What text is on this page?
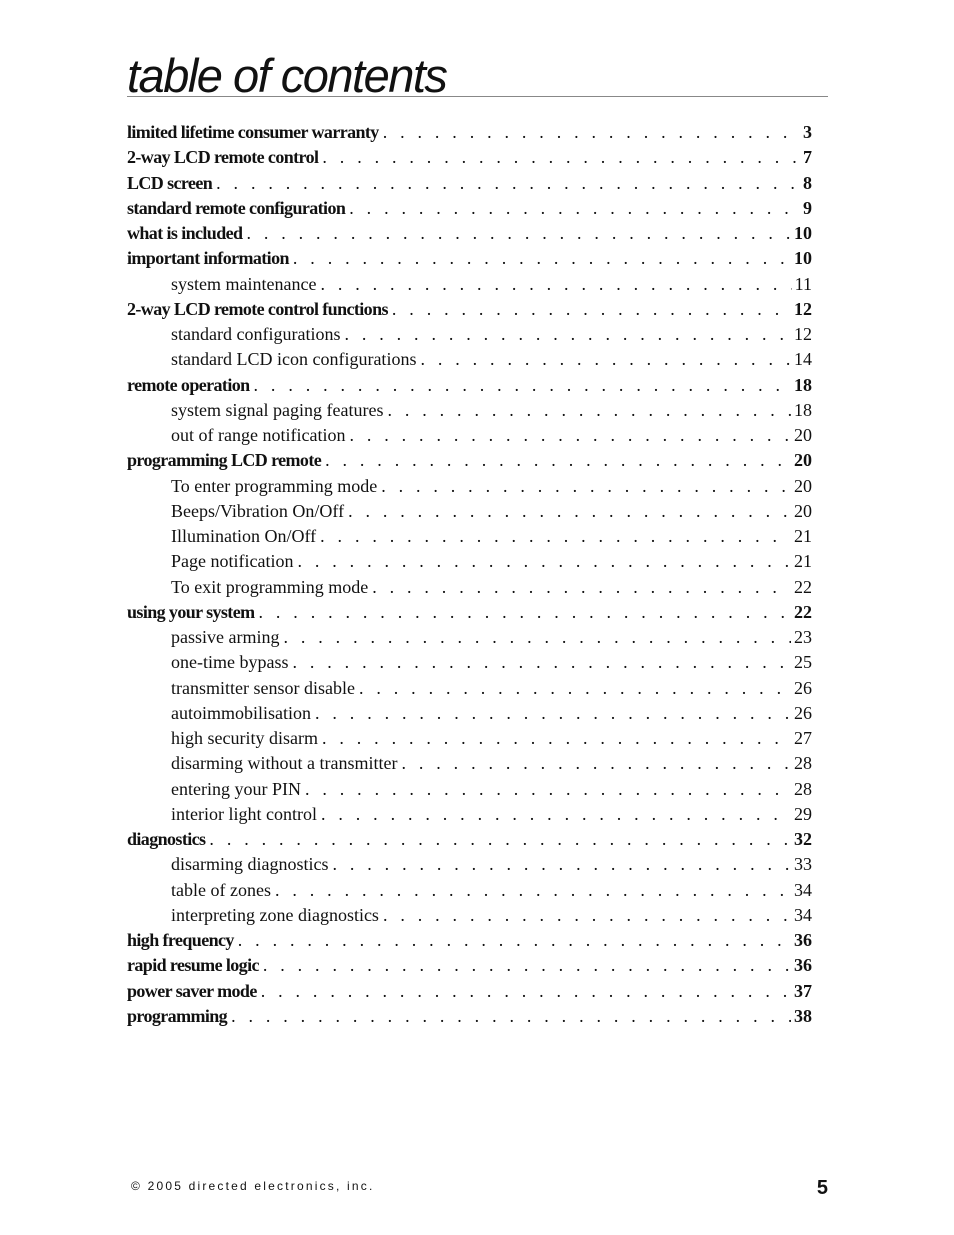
table of contents
limited lifetime consumer warranty . . .	3
2-way LCD remote control . . .	7
LCD screen . . .	8
standard remote configuration . . .	9
what is included . . .	10
important information . . .	10
system maintenance . . .	11
2-way LCD remote control functions . . .	12
standard configurations . . .	12
standard LCD icon configurations . . .	14
remote operation . . .	18
system signal paging features . . .	18
out of range notification . . .	20
programming LCD remote . . .	20
To enter programming mode . . .	20
Beeps/Vibration On/Off . . .	20
Illumination On/Off . . .	21
Page notification . . .	21
To exit programming mode . . .	22
using your system . . .	22
passive arming . . .	23
one-time bypass . . .	25
transmitter sensor disable . . .	26
autoimmobilisation . . .	26
high security disarm . . .	27
disarming without a transmitter . . .	28
entering your PIN . . .	28
interior light control . . .	29
diagnostics . . .	32
disarming diagnostics . . .	33
table of zones . . .	34
interpreting zone diagnostics . . .	34
high frequency . . .	36
rapid resume logic . . .	36
power saver mode . . .	37
programming . . .	38
© 2005 directed electronics, inc.	5
